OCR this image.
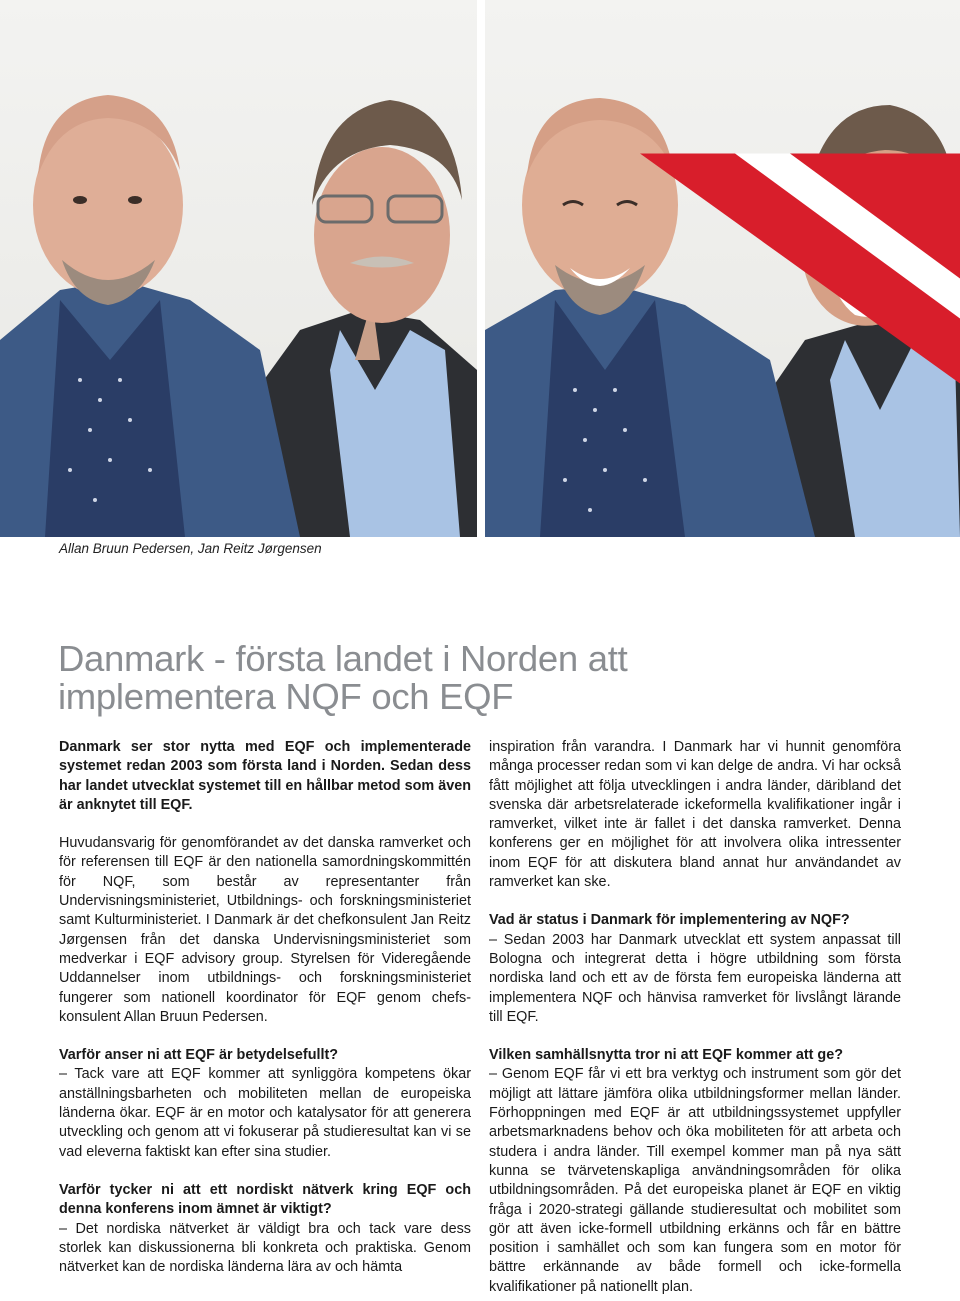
Allan Bruun Pedersen, Jan Reitz Jørgensen
Danmark - första landet i Norden att
implementera NQF och EQF

Danmark ser stor nytta med EQF och implementerade systemet redan 2003 som första land i Norden. Sedan dess har landet utvecklat systemet till en hållbar metod som även är anknytet till EQF.

Huvudansvarig för genomförandet av det danska ramverket och för referensen till EQF är den nationella samordningskommittén för NQF, som består av representanter från Undervisningsministeriet, Utbildnings- och forskningsministeriet samt Kulturministeriet. I Danmark är det chefkonsulent Jan Reitz Jørgensen från det danska Undervisningsministeriet som medverkar i EQF advisory group. Styrelsen för Videregående Uddannelser inom utbildnings- och forskningsministeriet fungerer som nationell koordinator för EQF genom chefs-konsulent Allan Bruun Pedersen.

Varför anser ni att EQF är betydelsefullt?

– Tack vare att EQF kommer att synliggöra kompetens ökar anställningsbarheten och mobiliteten mellan de europeiska länderna ökar. EQF är en motor och katalysator för att generera utveckling och genom att vi fokuserar på studieresultat kan vi se vad eleverna faktiskt kan efter sina studier.

Varför tycker ni att ett nordiskt nätverk kring EQF och denna konferens inom ämnet är viktigt?

– Det nordiska nätverket är väldigt bra och tack vare dess storlek kan diskussionerna bli konkreta och praktiska. Genom nätverket kan de nordiska länderna lära av och hämta

inspiration från varandra. I Danmark har vi hunnit genomföra många processer redan som vi kan delge de andra. Vi har också fått möjlighet att följa utvecklingen i andra länder, däribland det svenska där arbetsrelaterade ickeformella kvalifikationer ingår i ramverket, vilket inte är fallet i det danska ramverket. Denna konferens ger en möjlighet för att involvera olika intressenter inom EQF för att diskutera bland annat hur användandet av ramverket kan ske.

Vad är status i Danmark för implementering av NQF?

– Sedan 2003 har Danmark utvecklat ett system anpassat till Bologna och integrerat detta i högre utbildning som första nordiska land och ett av de första fem europeiska länderna att implementera NQF och hänvisa ramverket för livslångt lärande till EQF.

Vilken samhällsnytta tror ni att EQF kommer att ge?

– Genom EQF får vi ett bra verktyg och instrument som gör det möjligt att lättare jämföra olika utbildningsformer mellan länder. Förhoppningen med EQF är att utbildningssystemet uppfyller arbetsmarknadens behov och öka mobiliteten för att arbeta och studera i andra länder. Till exempel kommer man på nya sätt kunna se tvärvetenskapliga användningsområden för olika utbildningsområden. På det europeiska planet är EQF en viktig fråga i 2020-strategi gällande studieresultat och mobilitet som gör att även icke-formell utbildning erkänns och får en bättre position i samhället och som kan fungera som en motor för bättre erkännande av både formell och icke-formella kvalifikationer på nationellt plan.
